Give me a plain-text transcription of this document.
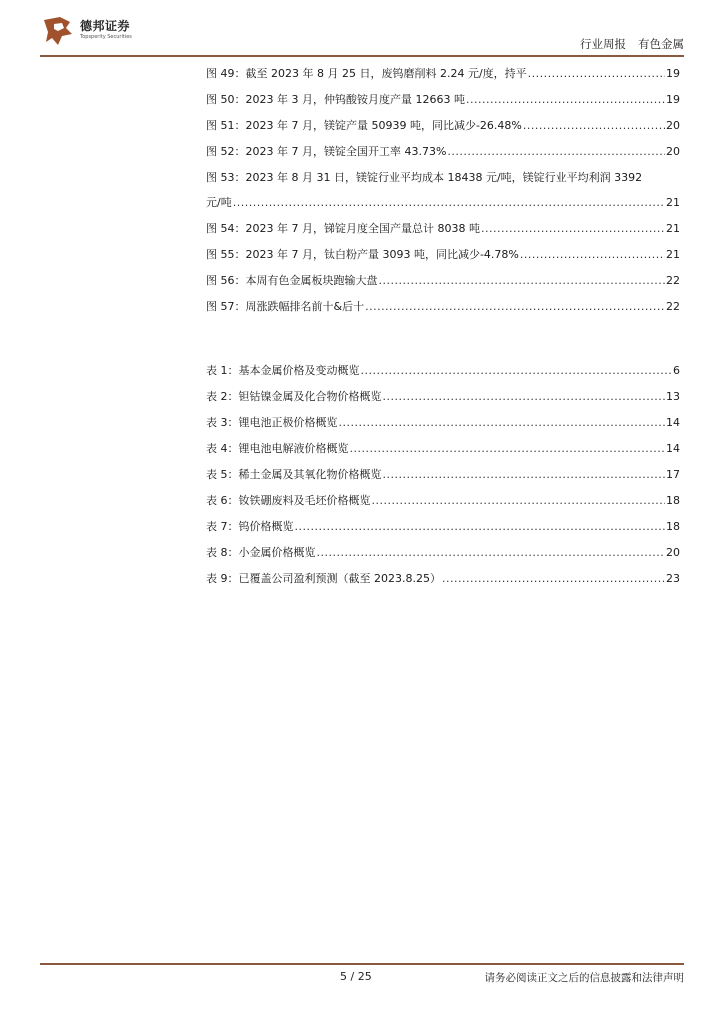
德邦证券
Topsperity Securities	行业周报 有色金属
图 49：截至 2023 年 8 月 25 日，废钨磨削料 2.24 元/度，持平 .....	19
图 50：2023 年 3 月，仲钨酸铵月度产量 12663 吨 .....	19
图 51：2023 年 7 月，镁锭产量 50939 吨，同比减少-26.48% .....	20
图 52：2023 年 7 月，镁锭全国开工率 43.73% .....	20
图 53：2023 年 8 月 31 日，镁锭行业平均成本 18438 元/吨，镁锭行业平均利润 3392
元/吨 .....	21
图 54：2023 年 7 月，锑锭月度全国产量总计 8038 吨 .....	21
图 55：2023 年 7 月，钛白粉产量 3093 吨，同比减少-4.78% .....	21
图 56：本周有色金属板块跑输大盘 .....	22
图 57：周涨跌幅排名前十&后十 .....	22
表 1：基本金属价格及变动概览 .....	6
表 2：钽钴镍金属及化合物价格概览 .....	13
表 3：锂电池正极价格概览 .....	14
表 4：锂电池电解液价格概览 .....	14
表 5：稀土金属及其氧化物价格概览 .....	17
表 6：钕铁硼废料及毛坯价格概览 .....	18
表 7：钨价格概览 .....	18
表 8：小金属价格概览 .....	20
表 9：已覆盖公司盈利预测（截至 2023.8.25） .....	23
5 / 25	请务必阅读正文之后的信息披露和法律声明
